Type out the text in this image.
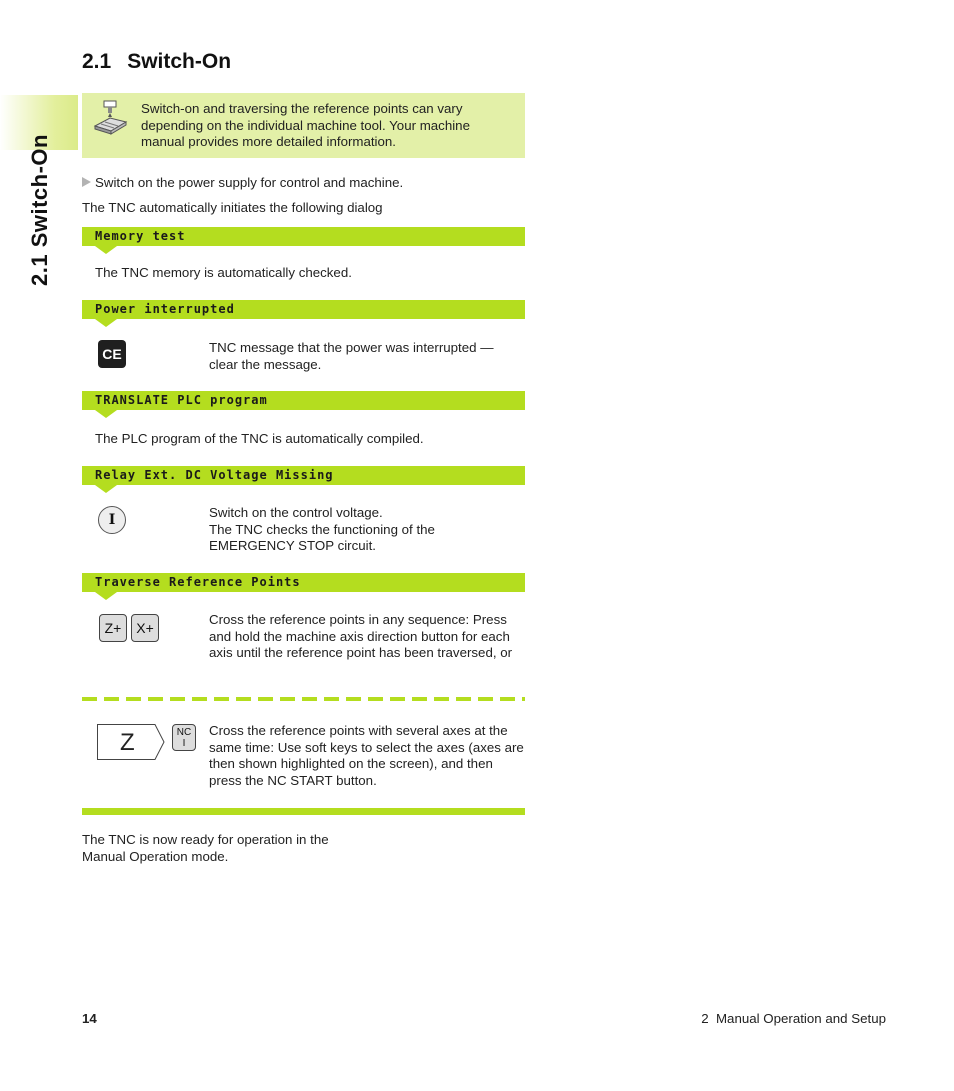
2.1 Switch-On
2.1 Switch-On
Switch-on and traversing the reference points can vary depending on the individual machine tool. Your machine manual provides more detailed information.
Switch on the power supply for control and machine.
The TNC automatically initiates the following dialog
Memory test
The TNC memory is automatically checked.
Power interrupted
CE	TNC message that the power was interrupted — clear the message.
TRANSLATE PLC program
The PLC program of the TNC is automatically compiled.
Relay Ext. DC Voltage Missing
I	Switch on the control voltage.
The TNC checks the functioning of the EMERGENCY STOP circuit.
Traverse Reference Points
Z+	X+
Cross the reference points in any sequence: Press and hold the machine axis direction button for each axis until the reference point has been traversed, or
Z	NC
I
Cross the reference points with several axes at the same time: Use soft keys to select the axes (axes are then shown highlighted on the screen), and then press the NC START button.
The TNC is now ready for operation in the
Manual Operation mode.
14	2  Manual Operation and Setup
